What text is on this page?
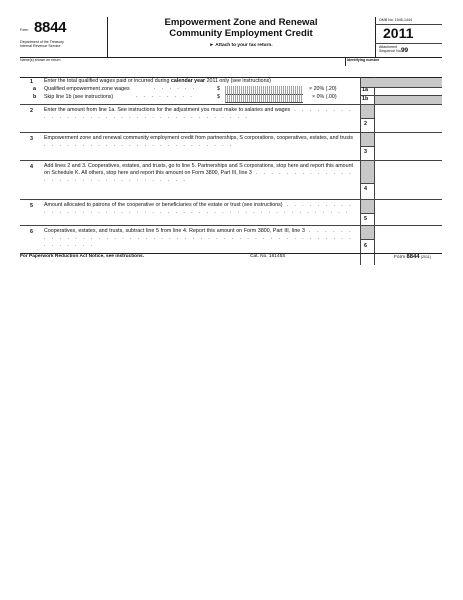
Form 8844
Department of the Treasury
Internal Revenue Service
Empowerment Zone and Renewal
Community Employment Credit
► Attach to your tax return.
OMB No. 1545-1444
2011
Attachment
Sequence No. 99
Name(s) shown on return	Identifying number
1 Enter the total qualified wages paid or incurred during calendar year 2011 only (see instructions)
a Qualified empowerment zone wages	. . . . . .	$	× 20% (.20)	1a
b Skip line 1b (see instructions)	. . . . . . . .	$	× 0% (.00)	1b
2 Enter the amount from line 1a. See instructions for the adjustment you must make to salaries and wages . . . . . . . . . . . . . . . . . . . . . . . . . . . . . . . . . . .
2
3 Empowerment zone and renewal community employment credit from partnerships, S corporations, cooperatives, estates, and trusts . . . . . . . . . . . . . . . . . . . . . . . . .
3
4 Add lines 2 and 3. Cooperatives, estates, and trusts, go to line 5. Partnerships and S corporations, stop here and report this amount on Schedule K. All others, stop here and report this amount on Form 3800, Part III, line 3 . . . . . . . . . . . . . . . . . . . . . . . . . . . . . . . .
4
5 Amount allocated to patrons of the cooperative or beneficiaries of the estate or trust (see instructions) . . . . . . . . . . . . . . . . . . . . . . . . . . . . . . . . . . . . . . . . . . . . . . . . .
5
6 Cooperatives, estates, and trusts, subtract line 5 from line 4. Report this amount on Form 3800, Part III, line 3 . . . . . . . . . . . . . . . . . . . . . . . . . . . . . . . . . . . . . . . . . . . . . . . . . . . . .	6
For Paperwork Reduction Act Notice, see instructions.	Cat. No. 16145S	Form 8844 (2011)
